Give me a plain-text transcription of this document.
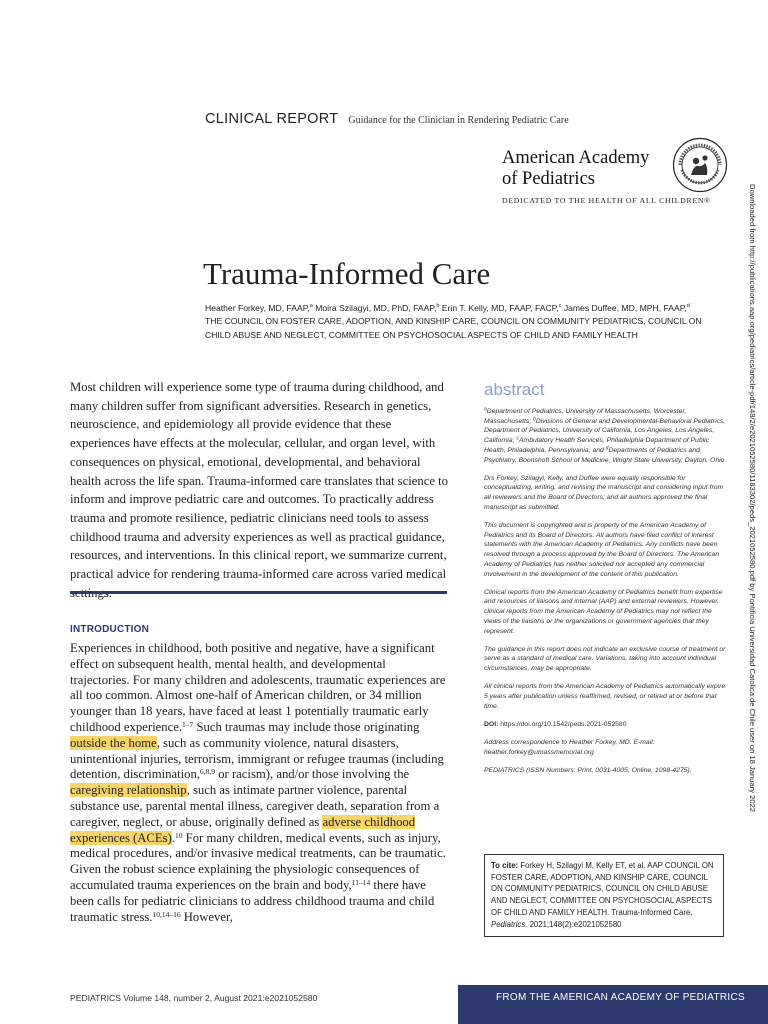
CLINICAL REPORT Guidance for the Clinician in Rendering Pediatric Care
American Academy
of Pediatrics
DEDICATED TO THE HEALTH OF ALL CHILDREN®
Trauma-Informed Care
Heather Forkey, MD, FAAP,$^a$ Moira Szilagyi, MD, PhD, FAAP,$^b$ Erin T. Kelly, MD, FAAP, FACP,$^c$ James Duffee, MD, MPH, FAAP,$^d$
THE COUNCIL ON FOSTER CARE, ADOPTION, AND KINSHIP CARE, COUNCIL ON COMMUNITY PEDIATRICS, COUNCIL ON CHILD ABUSE AND NEGLECT, COMMITTEE ON PSYCHOSOCIAL ASPECTS OF CHILD AND FAMILY HEALTH	Downloaded from http://publications.aap.org/pediatrics/article-pdf/148/2/e2021052580/1183302/peds_2021052580.pdf by Pontificia Universidad Catolica de Chile user on 18 January 2022
Most children will experience some type of trauma during childhood, and many children suffer from significant adversities. Research in genetics, neuroscience, and epidemiology all provide evidence that these experiences have effects at the molecular, cellular, and organ level, with consequences on physical, emotional, developmental, and behavioral health across the life span. Trauma-informed care translates that science to inform and improve pediatric care and outcomes. To practically address trauma and promote resilience, pediatric clinicians need tools to assess childhood trauma and adversity experiences as well as practical guidance, resources, and interventions. In this clinical report, we summarize current, practical advice for rendering trauma-informed care across varied medical
INTRODUCTION
Experiences in childhood, both positive and negative, have a significant effect on subsequent health, mental health, and developmental trajectories. For many children and adolescents, traumatic experiences are all too common. Almost one-half of American children, or 34 million younger than 18 years, have faced at least 1 potentially traumatic early childhood experience.$^{1-7}$ Such traumas may include those originating outside the home, such as community violence, natural disasters, unintentional injuries, terrorism, immigrant or refugee traumas (including detention, discrimination,$^{6,8,9}$ or racism), and/or those involving the caregiving relationship, such as intimate partner violence, parental substance use, parental mental illness, caregiver death, separation from a caregiver, neglect, or abuse, originally defined as adverse childhood experiences (ACEs).$^{10}$ For many children, medical events, such as injury, medical procedures, and/or invasive medical treatments, can be traumatic. Given the robust science explaining the physiologic consequences of accumulated trauma experiences on the brain and body,$^{11-14}$ there have been calls for pediatric clinicians to address childhood trauma and child traumatic stress.$^{10,14-16}$ However,
abstract

$^a$Department of Pediatrics, University of Massachusetts, Worcester, Massachusetts; $^b$Divisions of General and Developmental-Behavioral Pediatrics, Department of Pediatrics, University of California, Los Angeles, Los Angeles, California; $^c$Ambulatory Health Services, Philadelphia Department of Public Health, Philadelphia, Pennsylvania; and $^d$Departments of Pediatrics and Psychiatry, Boonshoft School of Medicine, Wright State University, Dayton, Ohio

Drs Forkey, Szilagyi, Kelly, and Duffee were equally responsible for conceptualizing, writing, and revising the manuscript and considering input from all reviewers and the Board of Directors; and all authors approved the final manuscript as submitted.

This document is copyrighted and is property of the American Academy of Pediatrics and its Board of Directors. All authors have filed conflict of interest statements with the American Academy of Pediatrics. Any conflicts have been resolved through a process approved by the Board of Directors. The American Academy of Pediatrics has neither solicited nor accepted any commercial involvement in the development of the content of this publication.

Clinical reports from the American Academy of Pediatrics benefit from expertise and resources of liaisons and internal (AAP) and external reviewers. However, clinical reports from the American Academy of Pediatrics may not reflect the views of the liaisons or the organizations or government agencies that they represent.

The guidance in this report does not indicate an exclusive course of treatment or serve as a standard of medical care. Variations, taking into account individual circumstances, may be appropriate.

All clinical reports from the American Academy of Pediatrics automatically expire 5 years after publication unless reaffirmed, revised, or retired at or before that time.

DOI: https://doi.org/10.1542/peds.2021-052580

Address correspondence to Heather Forkey, MD. E-mail: heather.forkey@umassmemorial.org

PEDIATRICS (ISSN Numbers: Print, 0031-4005; Online, 1098-4275).

To cite: Forkey H, Szilagyi M, Kelly ET, et al. AAP COUNCIL ON FOSTER CARE, ADOPTION, AND KINSHIP CARE, COUNCIL ON COMMUNITY PEDIATRICS, COUNCIL ON CHILD ABUSE AND NEGLECT, COMMITTEE ON PSYCHOSOCIAL ASPECTS OF CHILD AND FAMILY HEALTH. Trauma-Informed Care. Pediatrics. 2021;148(2):e2021052580
PEDIATRICS Volume 148, number 2, August 2021:e2021052580	FROM THE AMERICAN ACADEMY OF PEDIATRICS
